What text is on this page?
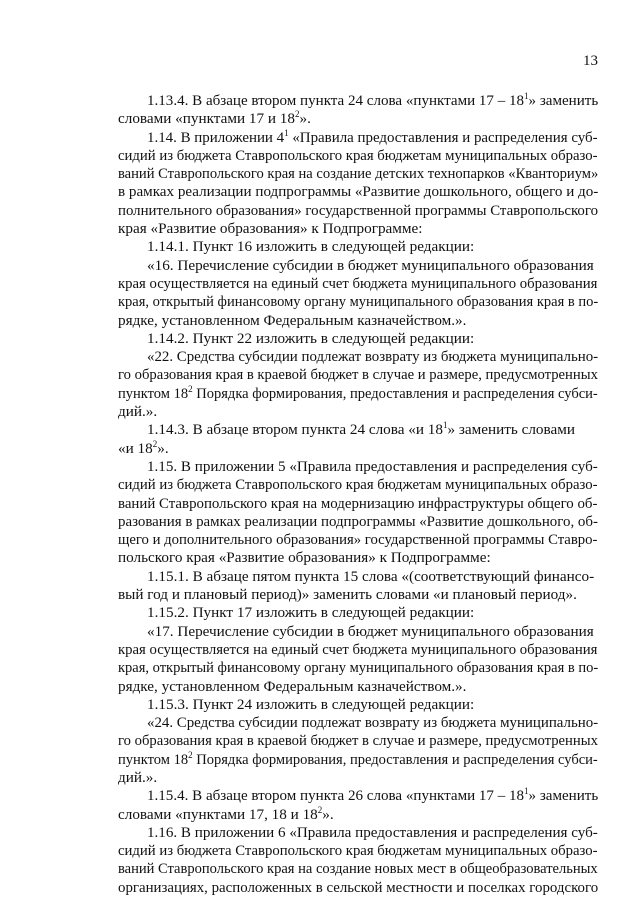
13
1.13.4. В абзаце втором пункта 24 слова «пунктами $17 - 18^1$» заменить
словами «пунктами 17 и $18^2$».
1.14. В приложении $4^1$ «Правила предоставления и распределения суб-
сидий из бюджета Ставропольского края бюджетам муниципальных образо-
ваний Ставропольского края на создание детских технопарков «Кванториум»
в рамках реализации подпрограммы «Развитие дошкольного, общего и до-
полнительного образования» государственной программы Ставропольского
края «Развитие образования» к Подпрограмме:
1.14.1. Пункт 16 изложить в следующей редакции:
«16. Перечисление субсидии в бюджет муниципального образования
края осуществляется на единый счет бюджета муниципального образования
края, открытый финансовому органу муниципального образования края в по-
рядке, установленном Федеральным казначейством.».
1.14.2. Пункт 22 изложить в следующей редакции:
«22. Средства субсидии подлежат возврату из бюджета муниципально-
го образования края в краевой бюджет в случае и размере, предусмотренных
пунктом $18^2$ Порядка формирования, предоставления и распределения субси-
дий.».
1.14.3. В абзаце втором пункта 24 слова «и $18^1$» заменить словами
«и $18^2$».
1.15. В приложении 5 «Правила предоставления и распределения суб-
сидий из бюджета Ставропольского края бюджетам муниципальных образо-
ваний Ставропольского края на модернизацию инфраструктуры общего об-
разования в рамках реализации подпрограммы «Развитие дошкольного, об-
щего и дополнительного образования» государственной программы Ставро-
польского края «Развитие образования» к Подпрограмме:
1.15.1. В абзаце пятом пункта 15 слова «(соответствующий финансо-
вый год и плановый период)» заменить словами «и плановый период».
1.15.2. Пункт 17 изложить в следующей редакции:
«17. Перечисление субсидии в бюджет муниципального образования
края осуществляется на единый счет бюджета муниципального образования
края, открытый финансовому органу муниципального образования края в по-
рядке, установленном Федеральным казначейством.».
1.15.3. Пункт 24 изложить в следующей редакции:
«24. Средства субсидии подлежат возврату из бюджета муниципально-
го образования края в краевой бюджет в случае и размере, предусмотренных
пунктом $18^2$ Порядка формирования, предоставления и распределения субси-
дий.».
1.15.4. В абзаце втором пункта 26 слова «пунктами $17 - 18^1$» заменить
словами «пунктами 17, 18 и $18^2$».
1.16. В приложении 6 «Правила предоставления и распределения суб-
сидий из бюджета Ставропольского края бюджетам муниципальных образо-
ваний Ставропольского края на создание новых мест в общеобразовательных
организациях, расположенных в сельской местности и поселках городского
